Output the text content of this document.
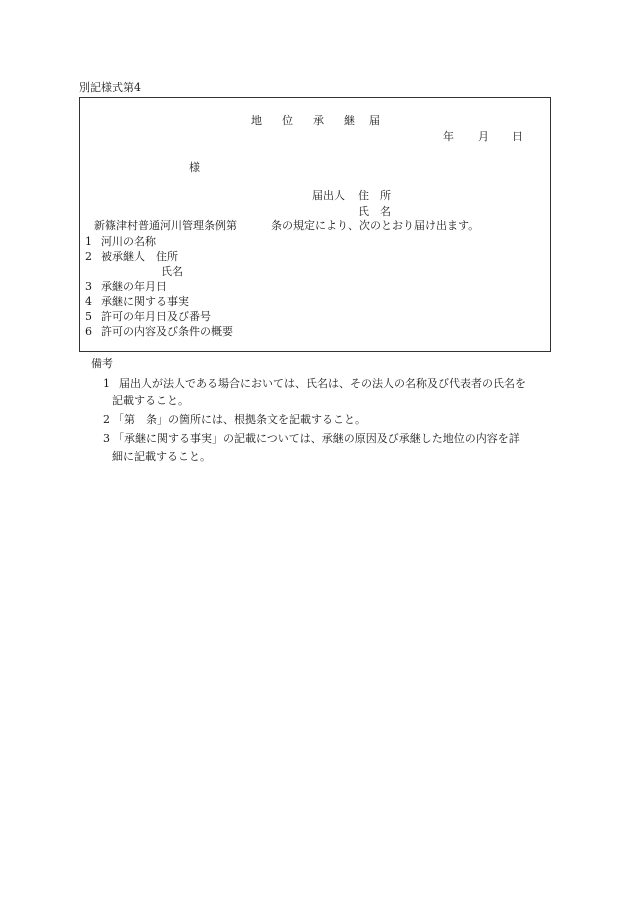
別記様式第4
地 位 承 継 届
年 月 日
様
届出人 住　所
氏　名
新篠津村普通河川管理条例第	条の規定により、次のとおり届け出ます。
1 河川の名称
2 被承継人　住所
氏名
3 承継の年月日
4 承継に関する事実
5 許可の年月日及び番号
6 許可の内容及び条件の概要
備考
1 届出人が法人である場合においては、氏名は、その法人の名称及び代表者の氏名を
記載すること。
2 「第　条」の箇所には、根拠条文を記載すること。
3 「承継に関する事実」の記載については、承継の原因及び承継した地位の内容を詳
細に記載すること。
